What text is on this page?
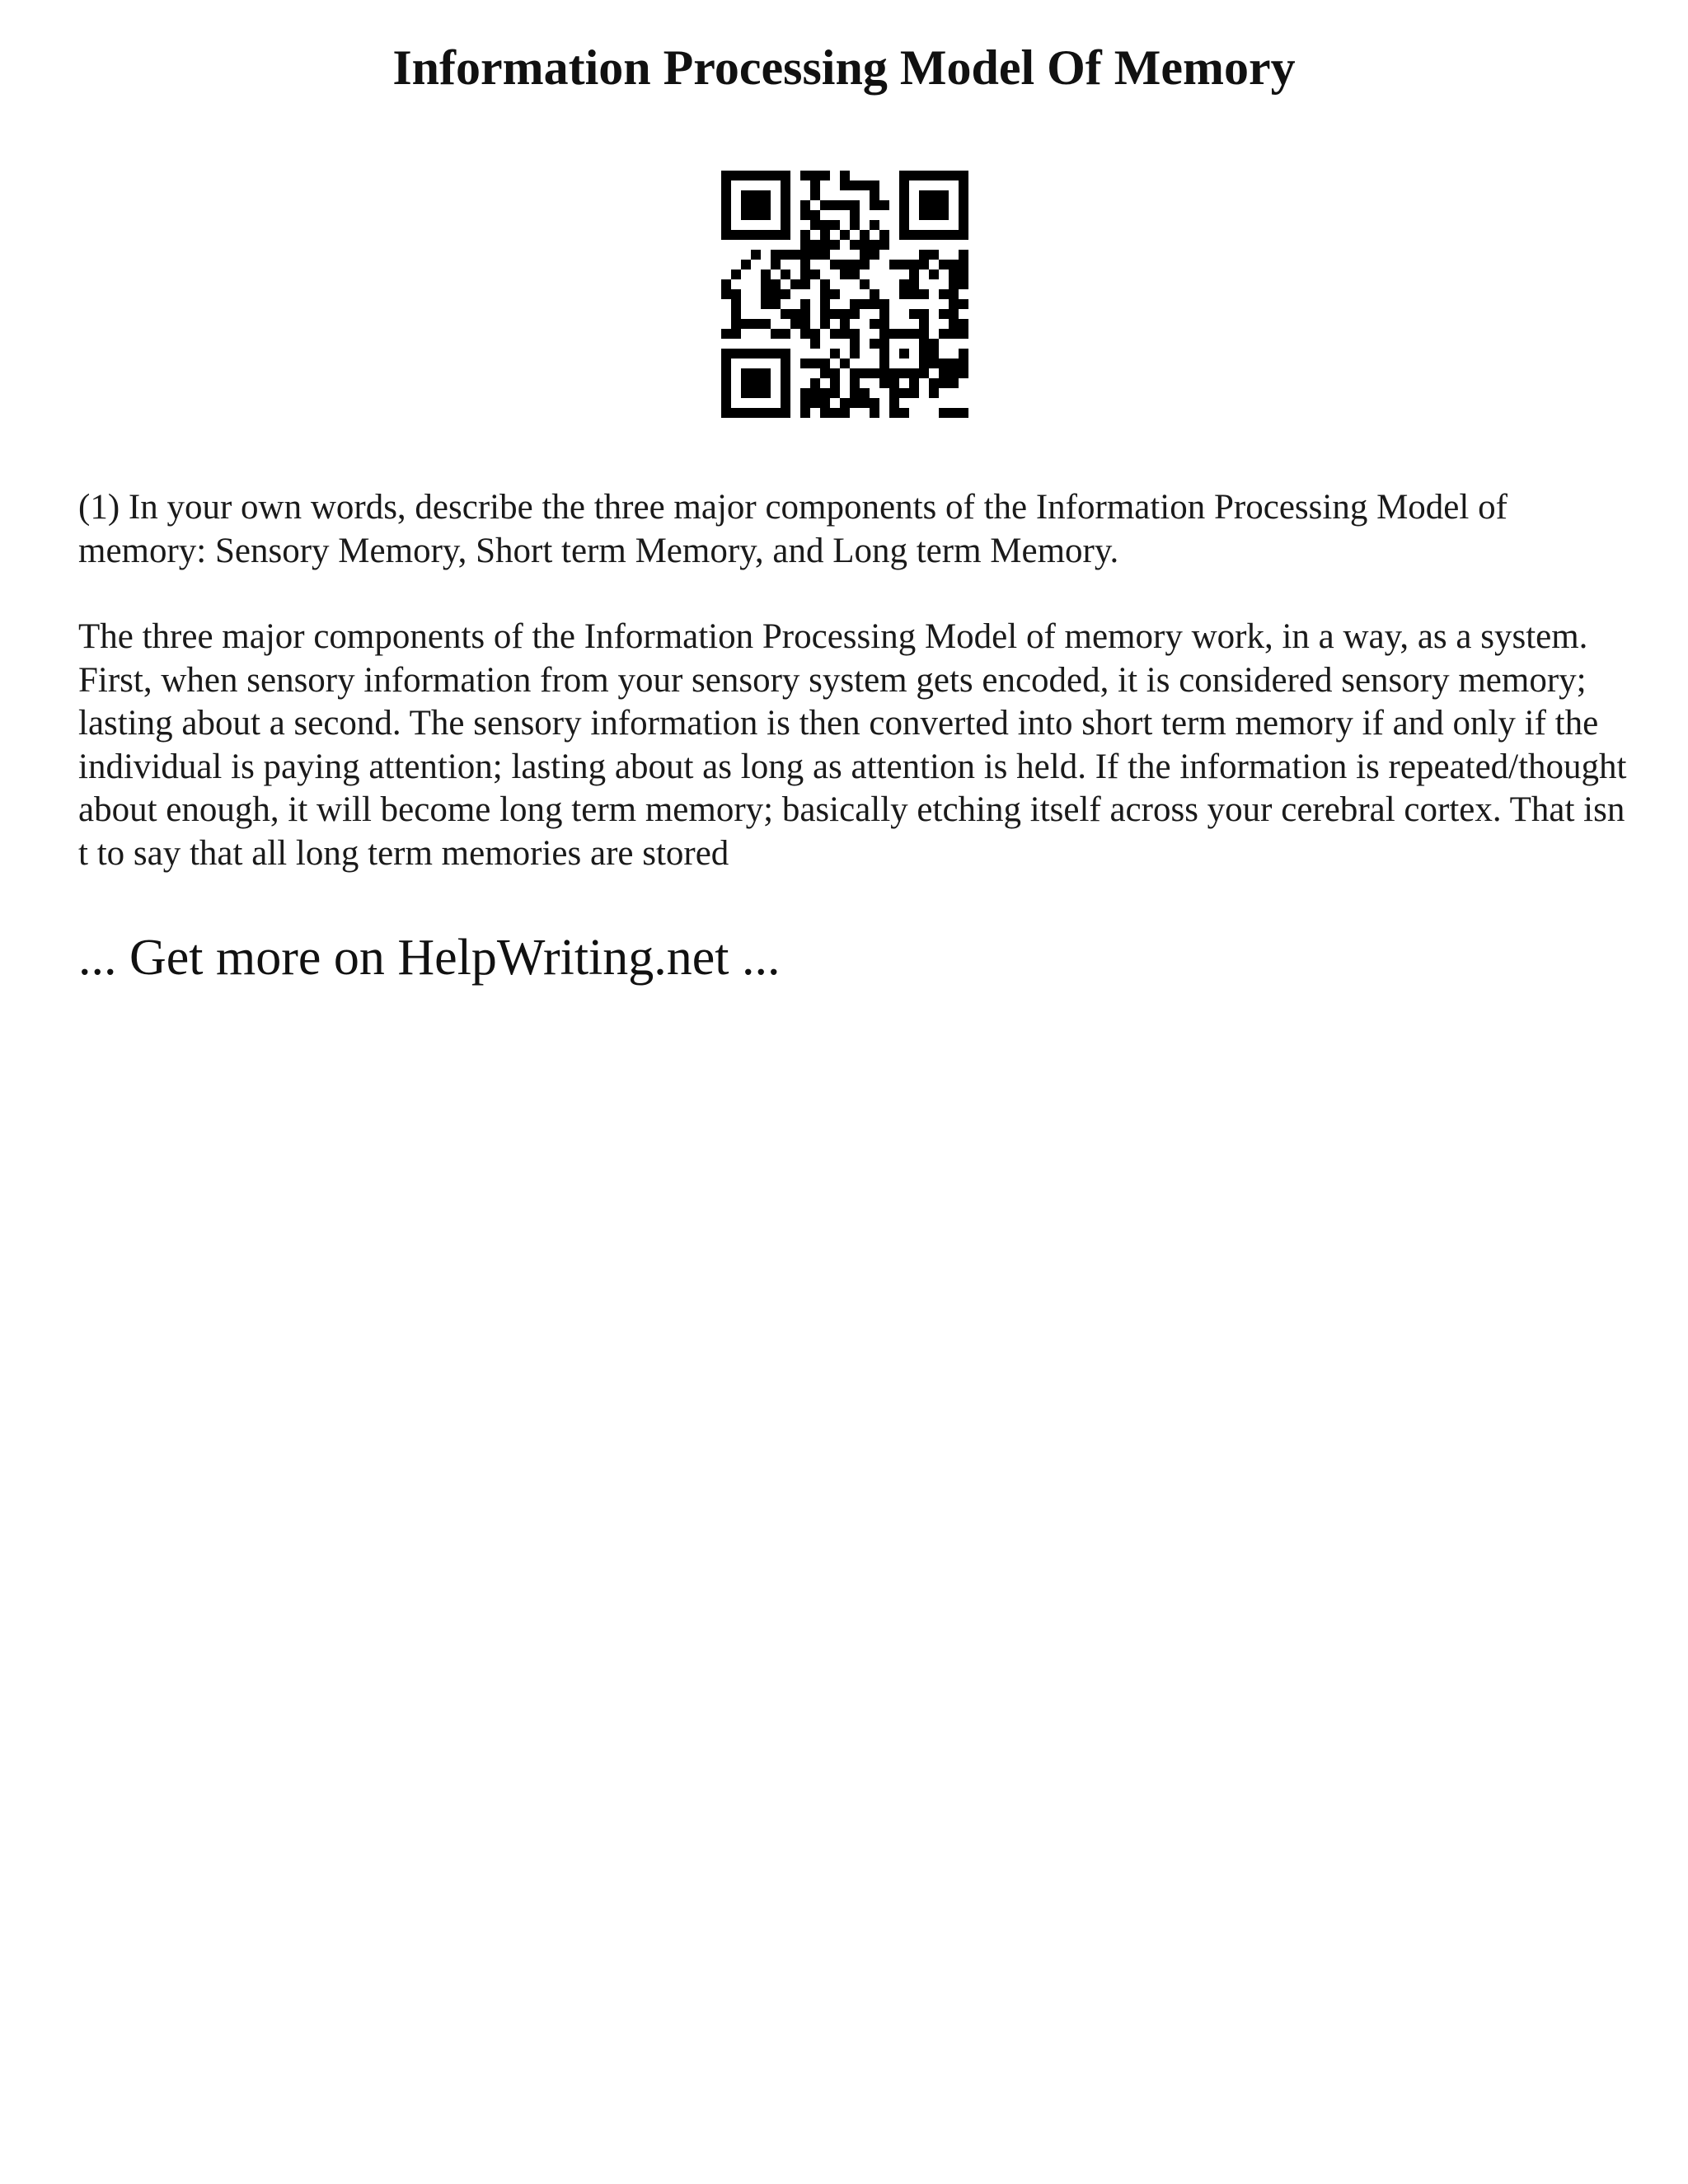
Information Processing Model Of Memory

(1) In your own words, describe the three major components of the Information Processing Model of memory: Sensory Memory, Short term Memory, and Long term Memory.

The three major components of the Information Processing Model of memory work, in a way, as a system. First, when sensory information from your sensory system gets encoded, it is considered sensory memory; lasting about a second. The sensory information is then converted into short term memory if and only if the individual is paying attention; lasting about as long as attention is held. If the information is repeated/thought about enough, it will become long term memory; basically etching itself across your cerebral cortex. That isn t to say that all long term memories are stored

... Get more on HelpWriting.net ...
